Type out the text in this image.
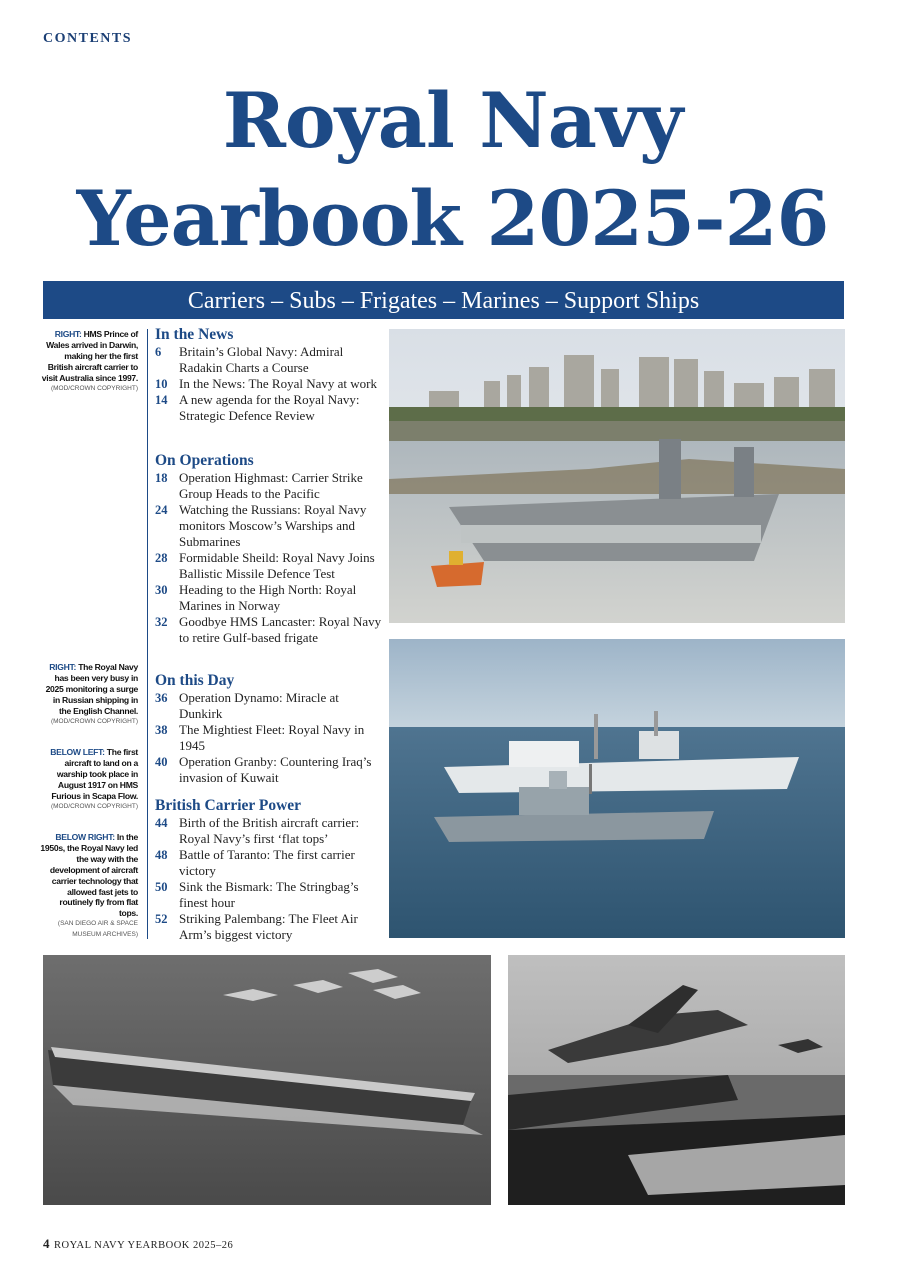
CONTENTS
Royal Navy
Yearbook 2025-26
Carriers – Subs – Frigates – Marines – Support Ships
RIGHT: HMS Prince of Wales arrived in Darwin, making her the first British aircraft carrier to visit Australia since 1997.
(MOD/CROWN COPYRIGHT)
RIGHT: The Royal Navy has been very busy in 2025 monitoring a surge in Russian shipping in the English Channel.
(MOD/CROWN COPYRIGHT)
BELOW LEFT: The first aircraft to land on a warship took place in August 1917 on HMS Furious in Scapa Flow.
(MOD/CROWN COPYRIGHT)
BELOW RIGHT: In the 1950s, the Royal Navy led the way with the development of aircraft carrier technology that allowed fast jets to routinely fly from flat tops.
(SAN DIEGO AIR & SPACE MUSEUM ARCHIVES)
In the News
6 Britain’s Global Navy: Admiral Radakin Charts a Course
10 In the News: The Royal Navy at work
14 A new agenda for the Royal Navy: Strategic Defence Review
On Operations
18 Operation Highmast: Carrier Strike Group Heads to the Pacific
24 Watching the Russians: Royal Navy monitors Moscow’s Warships and Submarines
28 Formidable Sheild: Royal Navy Joins Ballistic Missile Defence Test
30 Heading to the High North: Royal Marines in Norway
32 Goodbye HMS Lancaster: Royal Navy to retire Gulf-based frigate
On this Day
36 Operation Dynamo: Miracle at Dunkirk
38 The Mightiest Fleet: Royal Navy in 1945
40 Operation Granby: Countering Iraq’s invasion of Kuwait
British Carrier Power
44 Birth of the British aircraft carrier: Royal Navy’s first ‘flat tops’
48 Battle of Taranto: The first carrier victory
50 Sink the Bismark: The Stringbag’s finest hour
52 Striking Palembang: The Fleet Air Arm’s biggest victory
4 ROYAL NAVY YEARBOOK 2025–26
